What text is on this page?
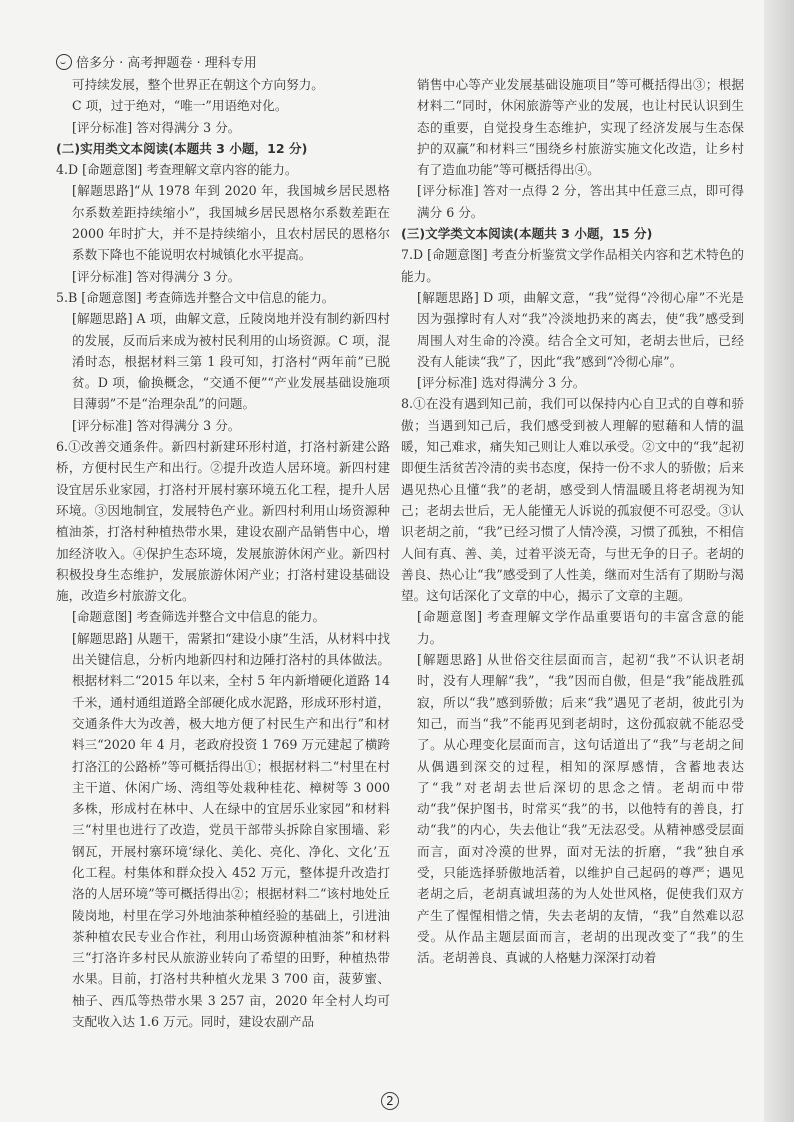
倍多分 · 高考押题卷 · 理科专用

可持续发展，整个世界正在朝这个方向努力。

C 项，过于绝对，“唯一”用语绝对化。

[评分标准] 答对得满分 3 分。

(二)实用类文本阅读(本题共 3 小题，12 分)

4.D [命题意图] 考查理解文章内容的能力。

[解题思路]“从 1978 年到 2020 年，我国城乡居民恩格尔系数差距持续缩小”，我国城乡居民恩格尔系数差距在 2000 年时扩大，并不是持续缩小，且农村居民的恩格尔系数下降也不能说明农村城镇化水平提高。

[评分标准] 答对得满分 3 分。

5.B [命题意图] 考查筛选并整合文中信息的能力。

[解题思路] A 项，曲解文意，丘陵岗地并没有制约新四村的发展，反而后来成为被村民利用的山场资源。C 项，混淆时态，根据材料三第 1 段可知，打洛村“两年前”已脱贫。D 项，偷换概念，“交通不便”“产业发展基础设施项目薄弱”不是“治理杂乱”的问题。

[评分标准] 答对得满分 3 分。

6.①改善交通条件。新四村新建环形村道，打洛村新建公路桥，方便村民生产和出行。②提升改造人居环境。新四村建设宜居乐业家园，打洛村开展村寨环境五化工程，提升人居环境。③因地制宜，发展特色产业。新四村利用山场资源种植油茶，打洛村种植热带水果，建设农副产品销售中心，增加经济收入。④保护生态环境，发展旅游休闲产业。新四村积极投身生态维护，发展旅游休闲产业；打洛村建设基础设施，改造乡村旅游文化。

[命题意图] 考查筛选并整合文中信息的能力。

[解题思路] 从题干，需紧扣“建设小康”生活，从材料中找出关键信息，分析内地新四村和边陲打洛村的具体做法。根据材料二“2015 年以来，全村 5 年内新增硬化道路 14 千米，通村通组道路全部硬化成水泥路，形成环形村道，交通条件大为改善，极大地方便了村民生产和出行”和材料三“2020 年 4 月，老政府投资 1 769 万元建起了横跨打洛江的公路桥”等可概括得出①；根据材料二“村里在村主干道、休闲广场、湾组等处栽种桂花、樟树等 3 000 多株，形成村在林中、人在绿中的宜居乐业家园”和材料三“村里也进行了改造，党员干部带头拆除自家围墙、彩钢瓦，开展村寨环境‘绿化、美化、亮化、净化、文化’五化工程。村集体和群众投入 452 万元，整体提升改造打洛的人居环境”等可概括得出②；根据材料二“该村地处丘陵岗地，村里在学习外地油茶种植经验的基础上，引进油茶种植农民专业合作社，利用山场资源种植油茶”和材料三“打洛许多村民从旅游业转向了希望的田野，种植热带水果。目前，打洛村共种植火龙果 3 700 亩，菠萝蜜、柚子、西瓜等热带水果 3 257 亩，2020 年全村人均可支配收入达 1.6 万元。同时，建设农副产品

销售中心等产业发展基础设施项目”等可概括得出③；根据材料二“同时，休闲旅游等产业的发展，也让村民认识到生态的重要，自觉投身生态维护，实现了经济发展与生态保护的双赢”和材料三“围绕乡村旅游实施文化改造，让乡村有了造血功能”等可概括得出④。

[评分标准] 答对一点得 2 分，答出其中任意三点，即可得满分 6 分。

(三)文学类文本阅读(本题共 3 小题，15 分)

7.D [命题意图] 考查分析鉴赏文学作品相关内容和艺术特色的能力。

[解题思路] D 项，曲解文意，“我”觉得“冷彻心扉”不光是因为强撑时有人对“我”冷淡地扔来的离去，使“我”感受到周围人对生命的冷漠。结合全文可知，老胡去世后，已经没有人能读“我”了，因此“我”感到“冷彻心扉”。

[评分标准] 选对得满分 3 分。

8.①在没有遇到知己前，我们可以保持内心自卫式的自尊和骄傲；当遇到知己后，我们感受到被人理解的慰藉和人情的温暖，知己难求，痛失知己则让人难以承受。②文中的“我”起初即便生活贫苦冷清的卖书态度，保持一份不求人的骄傲；后来遇见热心且懂“我”的老胡，感受到人情温暖且将老胡视为知己；老胡去世后，无人能懂无人诉说的孤寂便不可忍受。③认识老胡之前，“我”已经习惯了人情冷漠，习惯了孤独，不相信人间有真、善、美，过着平淡无奇，与世无争的日子。老胡的善良、热心让“我”感受到了人性美，继而对生活有了期盼与渴望。这句话深化了文章的中心，揭示了文章的主题。

[命题意图] 考查理解文学作品重要语句的丰富含意的能力。

[解题思路] 从世俗交往层面而言，起初“我”不认识老胡时，没有人理解“我”，“我”因而自傲，但是“我”能战胜孤寂，所以“我”感到骄傲；后来“我”遇见了老胡，彼此引为知己，而当“我”不能再见到老胡时，这份孤寂就不能忍受了。从心理变化层面而言，这句话道出了“我”与老胡之间从偶遇到深交的过程，相知的深厚感情，含蓄地表达了“我”对老胡去世后深切的思念之情。老胡而中带动“我”保护图书，时常买“我”的书，以他特有的善良，打动“我”的内心，失去他让“我”无法忍受。从精神感受层面而言，面对冷漠的世界，面对无法的折磨，“我”独自承受，只能选择骄傲地活着，以维护自己起码的尊严；遇见老胡之后，老胡真诚坦荡的为人处世风格，促使我们双方产生了惺惺相惜之情，失去老胡的友情，“我”自然难以忍受。从作品主题层面而言，老胡的出现改变了“我”的生活。老胡善良、真诚的人格魅力深深打动着

2
